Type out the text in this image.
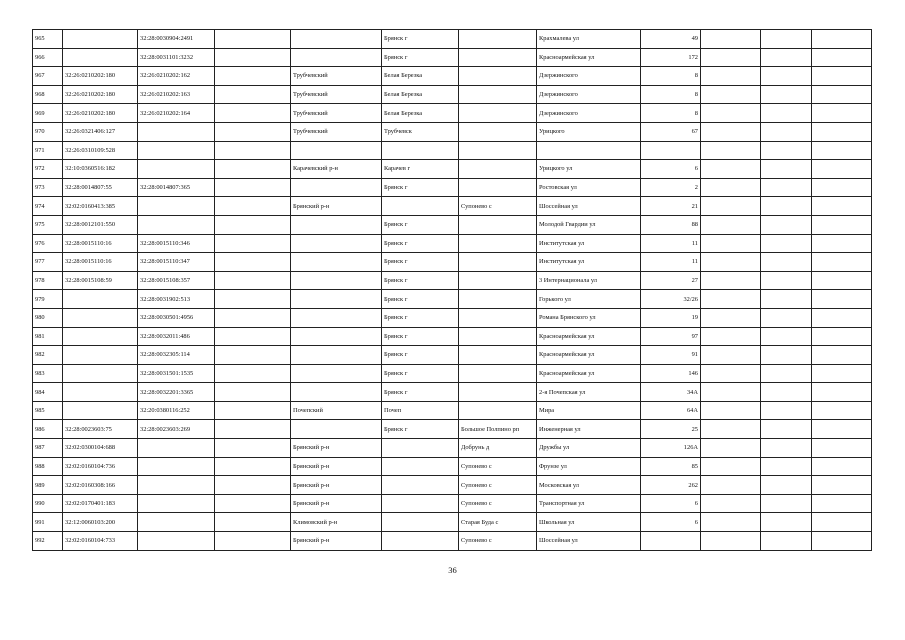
965		32:28:0030904:2491			Брянск г		Крахмалева ул	49			
966		32:28:0031101:3232			Брянск г		Красноармейская ул	172			
967	32:26:0210202:180	32:26:0210202:162		Трубчевский	Белая Березка		Дзержинского	8			
968	32:26:0210202:180	32:26:0210202:163		Трубчевский	Белая Березка		Дзержинского	8			
969	32:26:0210202:180	32:26:0210202:164		Трубчевский	Белая Березка		Дзержинского	8			
970	32:26:0321406:127			Трубчевский	Трубчевск		Урицкого	67			
971	32:26:0310109:528										
972	32:10:0360516:182			Карачевский р-н	Карачев г		Урицкого ул	6			
973	32:28:0014807:55	32:28:0014807:365			Брянск г		Ростовская ул	2			
974	32:02:0160413:385			Брянский р-н		Супонево с	Шоссейная ул	21			
975	32:28:0012101:550				Брянск г		Молодой Гвардии ул	88			
976	32:28:0015110:16	32:28:0015110:346			Брянск г		Институтская ул	11			
977	32:28:0015110:16	32:28:0015110:347			Брянск г		Институтская ул	11			
978	32:28:0015108:59	32:28:0015108:357			Брянск г		3 Интернационала ул	27			
979		32:28:0031902:513			Брянск г		Горького ул	32/26			
980		32:28:0030501:4956			Брянск г		Романа Брянского ул	19			
981		32:28:0032011:486			Брянск г		Красноармейская ул	97			
982		32:28:0032305:114			Брянск г		Красноармейская ул	91			
983		32:28:0031501:1535			Брянск г		Красноармейская ул	146			
984		32:28:0032201:3365			Брянск г		2-я Почепская ул	34А			
985		32:20:0380116:252		Почепский	Почеп		Мира	64А			
986	32:28:0023603:75	32:28:0023603:269			Брянск г	Большое Полпино рп	Инженерная ул	25			
987	32:02:0300104:688			Брянский р-н		Добрунь д	Дружбы ул	126А			
988	32:02:0160104:736			Брянский р-н		Супонево с	Фрунзе ул	85			
989	32:02:0160308:166			Брянский р-н		Супонево с	Московская ул	262			
990	32:02:0170401:183			Брянский р-н		Супонево с	Транспортная ул	6			
991	32:12:0060103:200			Климовский р-н		Старая Буда с	Школьная ул	6			
992	32:02:0160104:733			Брянский р-н		Супонево с	Шоссейная ул				
36
